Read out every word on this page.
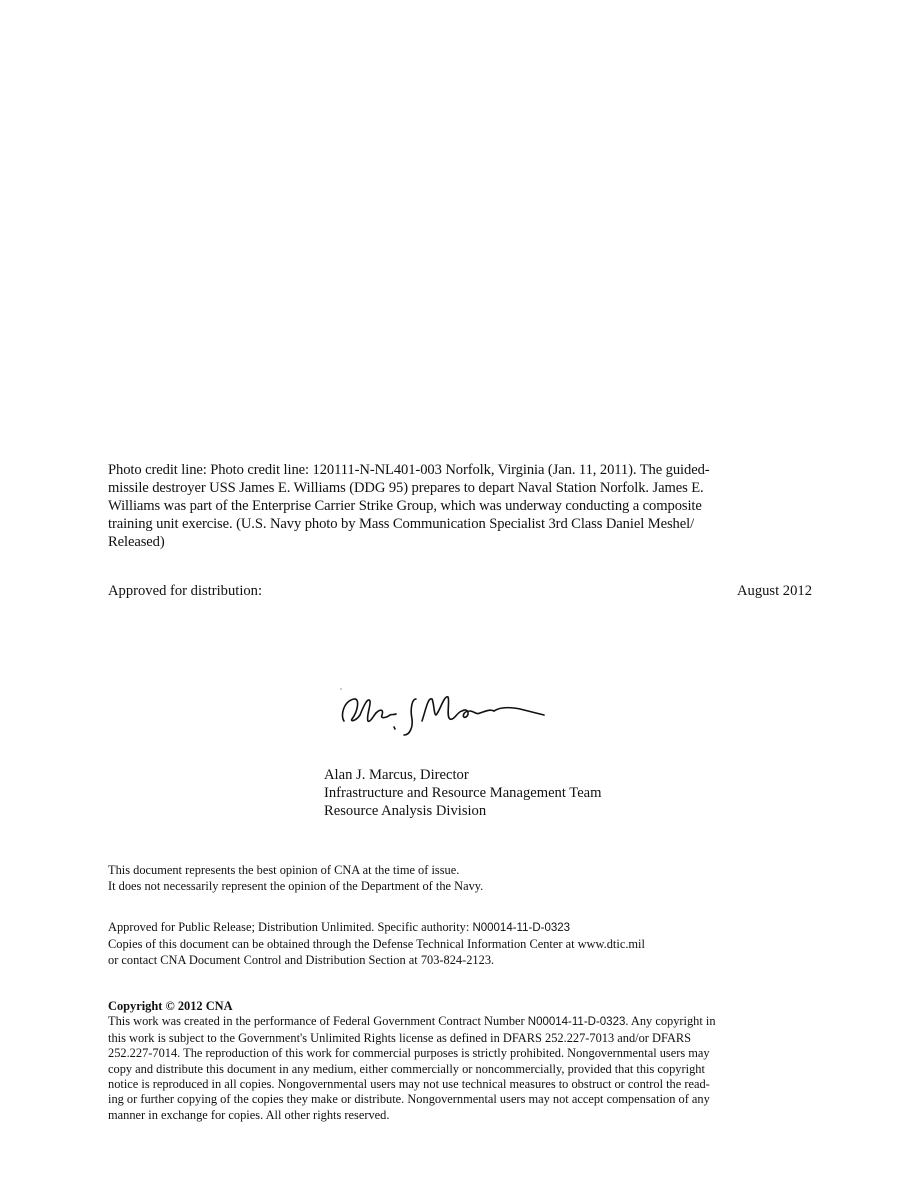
Photo credit line: Photo credit line: 120111-N-NL401-003 Norfolk, Virginia (Jan. 11, 2011). The guided-
missile destroyer USS James E. Williams (DDG 95) prepares to depart Naval Station Norfolk. James E.
Williams was part of the Enterprise Carrier Strike Group, which was underway conducting a composite
training unit exercise. (U.S. Navy photo by Mass Communication Specialist 3rd Class Daniel Meshel/
Released)
Approved for distribution:	August 2012
Alan J. Marcus, Director
Infrastructure and Resource Management Team
Resource Analysis Division
This document represents the best opinion of CNA at the time of issue.
It does not necessarily represent the opinion of the Department of the Navy.
Approved for Public Release; Distribution Unlimited. Specific authority: N00014-11-D-0323
Copies of this document can be obtained through the Defense Technical Information Center at www.dtic.mil
or contact CNA Document Control and Distribution Section at 703-824-2123.
Copyright © 2012 CNA
This work was created in the performance of Federal Government Contract Number N00014-11-D-0323. Any copyright in
this work is subject to the Government's Unlimited Rights license as defined in DFARS 252.227-7013 and/or DFARS
252.227-7014. The reproduction of this work for commercial purposes is strictly prohibited. Nongovernmental users may
copy and distribute this document in any medium, either commercially or noncommercially, provided that this copyright
notice is reproduced in all copies. Nongovernmental users may not use technical measures to obstruct or control the read-
ing or further copying of the copies they make or distribute. Nongovernmental users may not accept compensation of any
manner in exchange for copies. All other rights reserved.
